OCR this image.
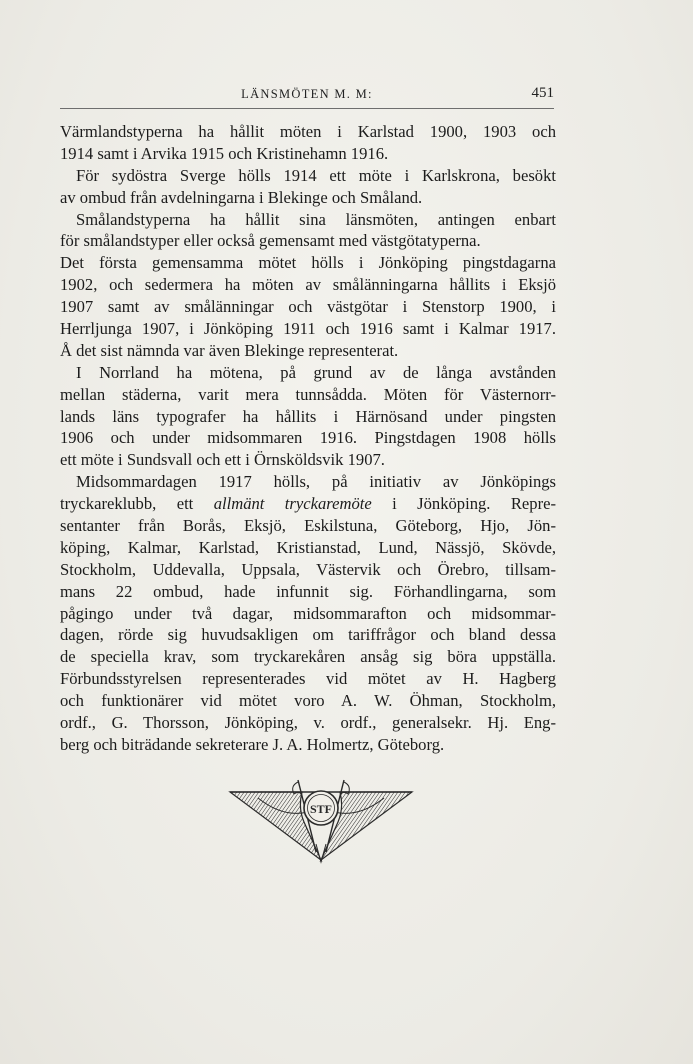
LÄNSMÖTEN M. M:	451
Värmlandstyperna ha hållit möten i Karlstad 1900, 1903 och
1914 samt i Arvika 1915 och Kristinehamn 1916.
För sydöstra Sverge hölls 1914 ett möte i Karlskrona, besökt
av ombud från avdelningarna i Blekinge och Småland.
Smålandstyperna ha hållit sina länsmöten, antingen enbart
för smålandstyper eller också gemensamt med västgötatyperna.
Det första gemensamma mötet hölls i Jönköping pingstdagarna
1902, och sedermera ha möten av smålänningarna hållits i Eksjö
1907 samt av smålänningar och västgötar i Stenstorp 1900, i
Herrljunga 1907, i Jönköping 1911 och 1916 samt i Kalmar 1917.
Å det sist nämnda var även Blekinge representerat.
I Norrland ha mötena, på grund av de långa avstånden
mellan städerna, varit mera tunnsådda. Möten för Västernorr-
lands läns typografer ha hållits i Härnösand under pingsten
1906 och under midsommaren 1916. Pingstdagen 1908 hölls
ett möte i Sundsvall och ett i Örnsköldsvik 1907.
Midsommardagen 1917 hölls, på initiativ av Jönköpings
tryckareklubb, ett allmänt tryckaremöte i Jönköping. Repre-
sentanter från Borås, Eksjö, Eskilstuna, Göteborg, Hjo, Jön-
köping, Kalmar, Karlstad, Kristianstad, Lund, Nässjö, Skövde,
Stockholm, Uddevalla, Uppsala, Västervik och Örebro, tillsam-
mans 22 ombud, hade infunnit sig. Förhandlingarna, som
pågingo under två dagar, midsommarafton och midsommar-
dagen, rörde sig huvudsakligen om tariffrågor och bland dessa
de speciella krav, som tryckarekåren ansåg sig böra uppställa.
Förbundsstyrelsen representerades vid mötet av H. Hagberg
och funktionärer vid mötet voro A. W. Öhman, Stockholm,
ordf., G. Thorsson, Jönköping, v. ordf., generalsekr. Hj. Eng-
berg och biträdande sekreterare J. A. Holmertz, Göteborg.
STF
